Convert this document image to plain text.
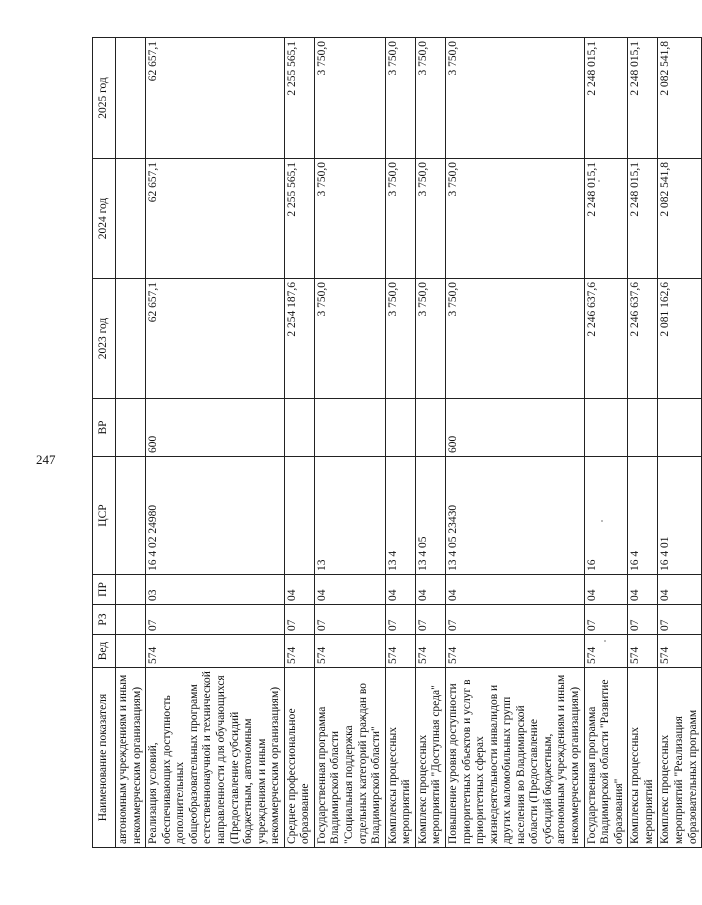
247
Наименование показателя	Вед	РЗ	ПР	ЦСР	ВР	2023 год	2024 год	2025 год
автономным учреждениям и иным некоммерческим организациям)								
Реализация условий, обеспечивающих доступность дополнительных общеобразовательных программ естественнонаучной и технической направленности для обучающихся (Предоставление субсидий бюджетным, автономным учреждениям и иным некоммерческим организациям)	574	07	03	16 4 02 24980	600	62 657,1	62 657,1	62 657,1
Среднее профессиональное образование	574	07	04			2 254 187,6	2 255 565,1	2 255 565,1
Государственная программа Владимирской области "Социальная поддержка отдельных категорий граждан во Владимирской области"	574	07	04	13		3 750,0	3 750,0	3 750,0
Комплексы процессных мероприятий	574	07	04	13 4		3 750,0	3 750,0	3 750,0
Комплекс процессных мероприятий "Доступная среда"	574	07	04	13 4 05		3 750,0	3 750,0	3 750,0
Повышение уровня доступности приоритетных объектов и услуг в приоритетных сферах жизнедеятельности инвалидов и других маломобильных групп населения во Владимирской области (Предоставление субсидий бюджетным, автономным учреждениям и иным некоммерческим организациям)	574	07	04	13 4 05 23430	600	3 750,0	3 750,0	3 750,0
Государственная программа Владимирской области "Развитие образования"	574	07	04	16		2 246 637,6	2 248 015,1	2 248 015,1
Комплексы процессных мероприятий	574	07	04	16 4		2 246 637,6	2 248 015,1	2 248 015,1
Комплекс процессных мероприятий "Реализация образовательных программ	574	07	04	16 4 01		2 081 162,6	2 082 541,8	2 082 541,8
